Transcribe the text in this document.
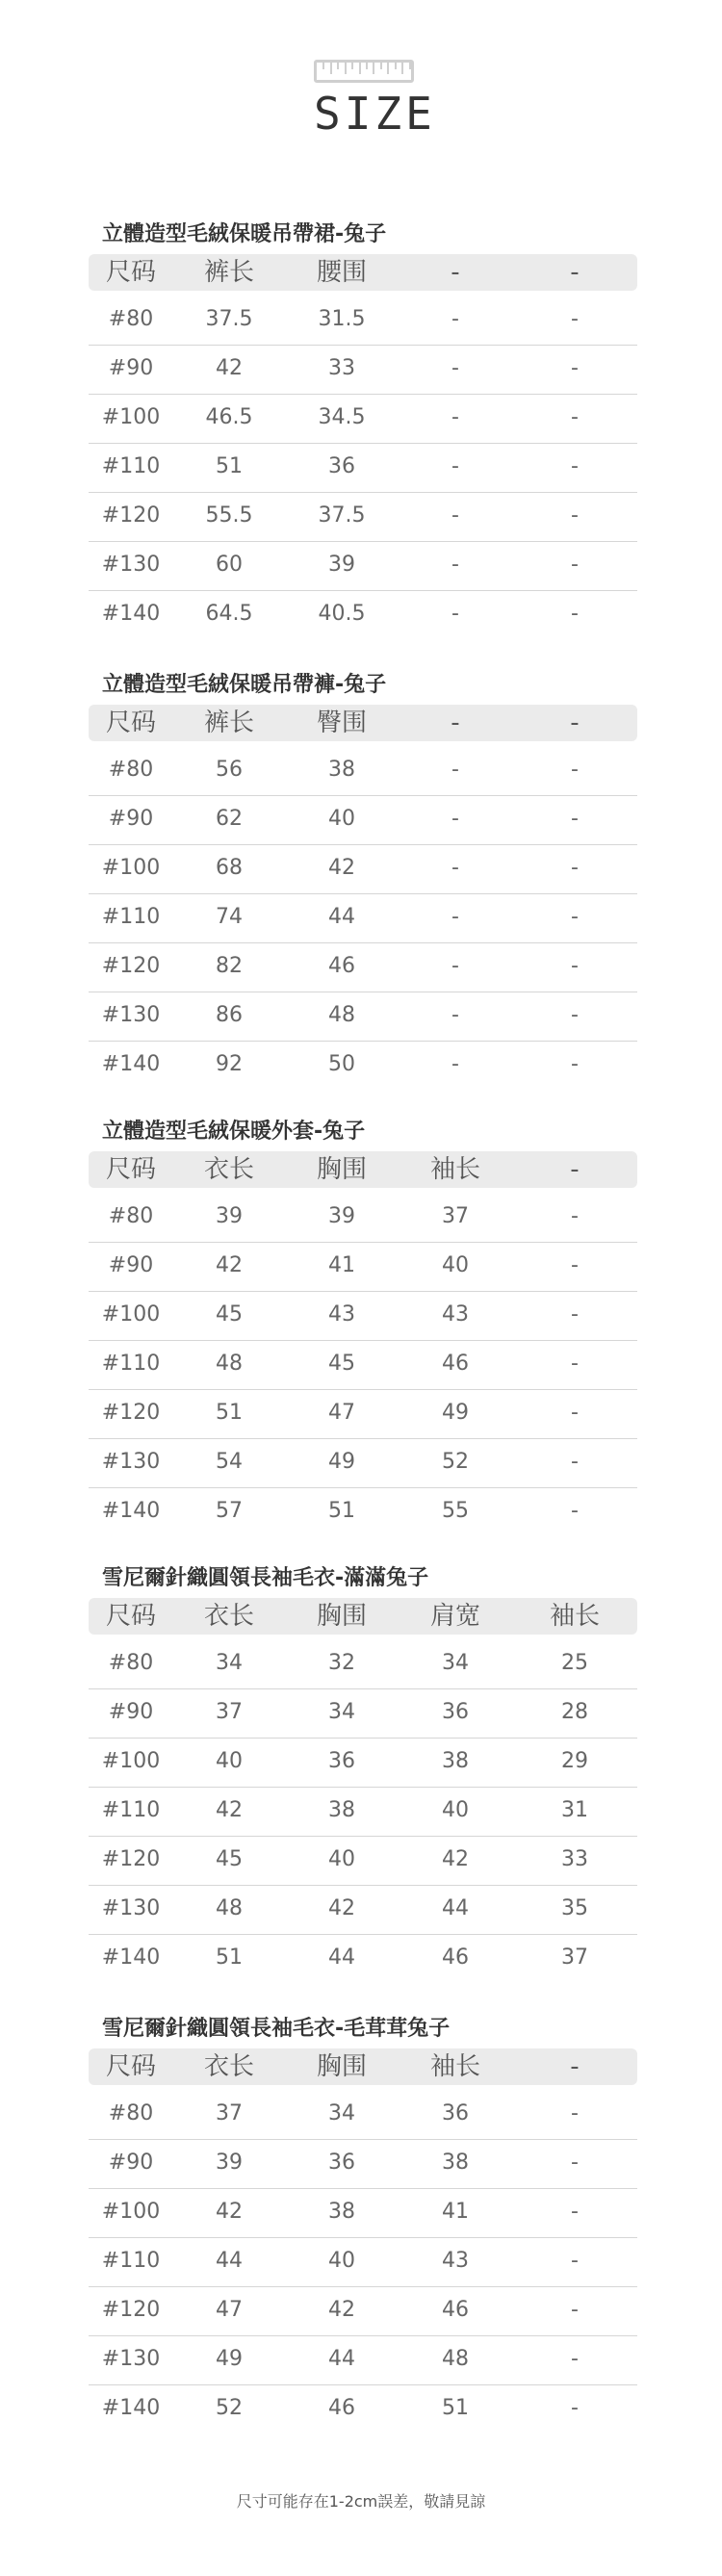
SIZE
立體造型毛絨保暖吊帶裙-兔子
尺码	裤长	腰围	-	-
#80	37.5	31.5	-	-
#90	42	33	-	-
#100	46.5	34.5	-	-
#110	51	36	-	-
#120	55.5	37.5	-	-
#130	60	39	-	-
#140	64.5	40.5	-	-
立體造型毛絨保暖吊帶褲-兔子
尺码	裤长	臀围	-	-
#80	56	38	-	-
#90	62	40	-	-
#100	68	42	-	-
#110	74	44	-	-
#120	82	46	-	-
#130	86	48	-	-
#140	92	50	-	-
立體造型毛絨保暖外套-兔子
尺码	衣长	胸围	袖长	-
#80	39	39	37	-
#90	42	41	40	-
#100	45	43	43	-
#110	48	45	46	-
#120	51	47	49	-
#130	54	49	52	-
#140	57	51	55	-
雪尼爾針織圓領長袖毛衣-滿滿兔子
尺码	衣长	胸围	肩宽	袖长
#80	34	32	34	25
#90	37	34	36	28
#100	40	36	38	29
#110	42	38	40	31
#120	45	40	42	33
#130	48	42	44	35
#140	51	44	46	37
雪尼爾針織圓領長袖毛衣-毛茸茸兔子
尺码	衣长	胸围	袖长	-
#80	37	34	36	-
#90	39	36	38	-
#100	42	38	41	-
#110	44	40	43	-
#120	47	42	46	-
#130	49	44	48	-
#140	52	46	51	-
尺寸可能存在1-2cm誤差，敬請見諒
